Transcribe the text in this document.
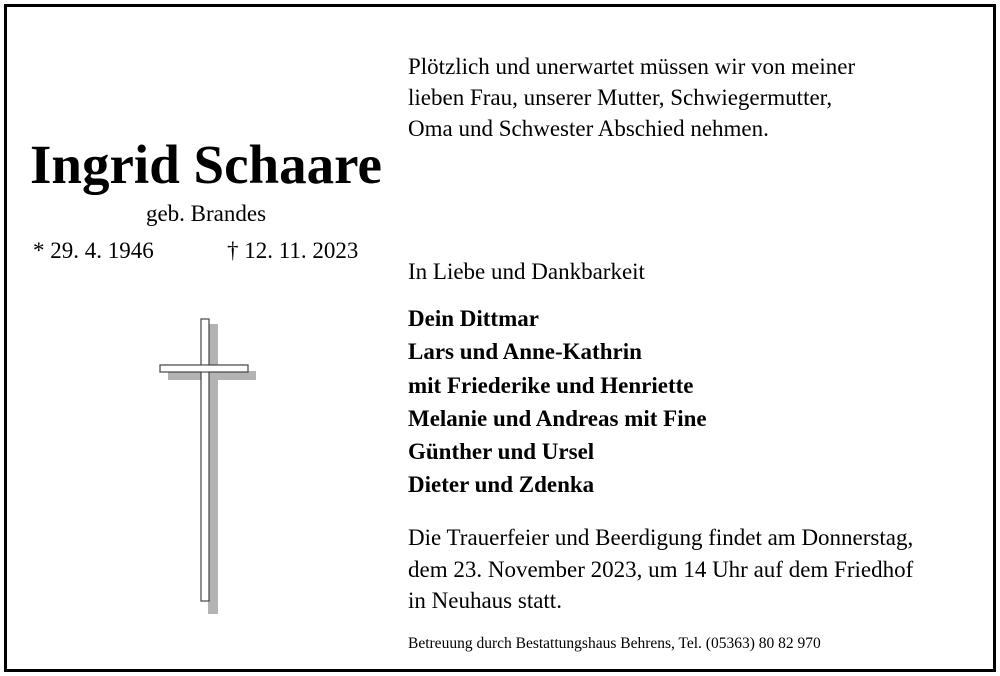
Ingrid Schaare
geb. Brandes
* 29. 4. 1946	† 12. 11. 2023
Plötzlich und unerwartet müssen wir von meiner
lieben Frau, unserer Mutter, Schwiegermutter,
Oma und Schwester Abschied nehmen.
In Liebe und Dankbarkeit
Dein Dittmar
Lars und Anne-Kathrin
mit Friederike und Henriette
Melanie und Andreas mit Fine
Günther und Ursel
Dieter und Zdenka
Die Trauerfeier und Beerdigung findet am Donnerstag,
dem 23. November 2023, um 14 Uhr auf dem Friedhof
in Neuhaus statt.
Betreuung durch Bestattungshaus Behrens, Tel. (05363) 80 82 970
